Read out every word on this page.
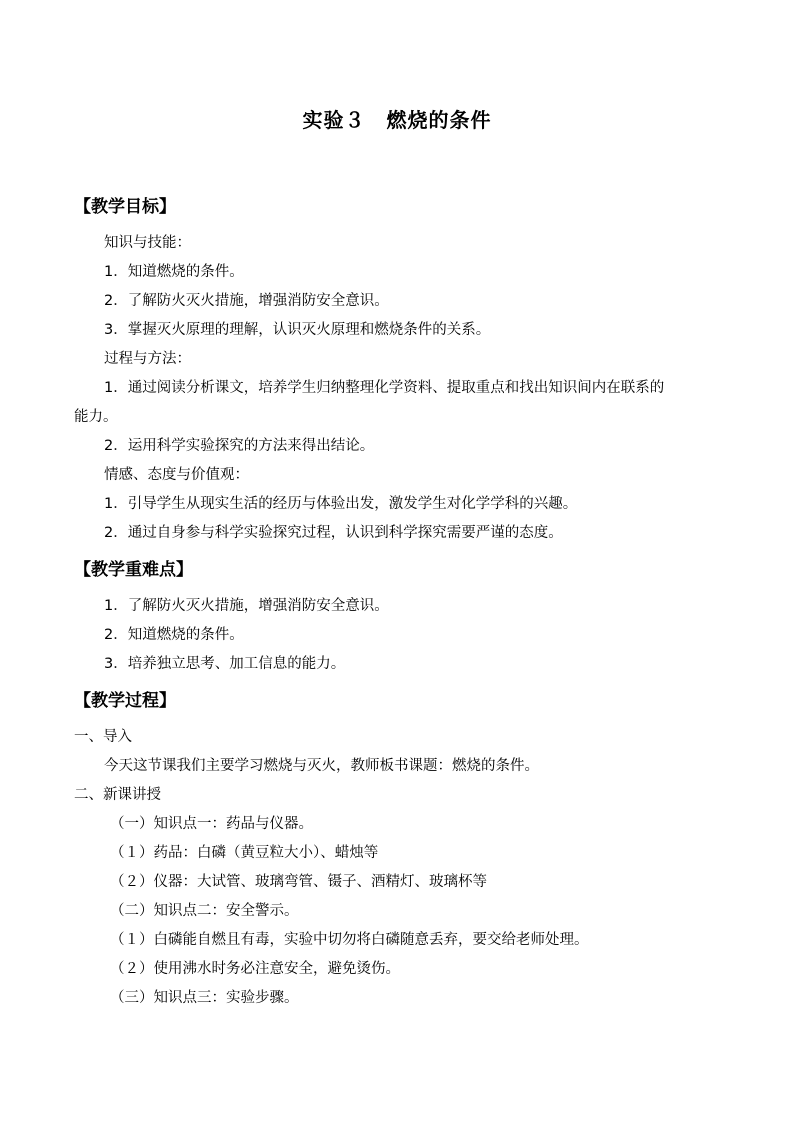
实验３　燃烧的条件
【教学目标】
知识与技能：
1．知道燃烧的条件。
2．了解防火灭火措施，增强消防安全意识。
3．掌握灭火原理的理解，认识灭火原理和燃烧条件的关系。
过程与方法：
1．通过阅读分析课文，培养学生归纳整理化学资料、提取重点和找出知识间内在联系的
能力。
2．运用科学实验探究的方法来得出结论。
情感、态度与价值观：
1．引导学生从现实生活的经历与体验出发，激发学生对化学学科的兴趣。
2．通过自身参与科学实验探究过程，认识到科学探究需要严谨的态度。
【教学重难点】
1．了解防火灭火措施，增强消防安全意识。
2．知道燃烧的条件。
3．培养独立思考、加工信息的能力。
【教学过程】
一、导入
今天这节课我们主要学习燃烧与灭火，教师板书课题：燃烧的条件。
二、新课讲授
（一）知识点一：药品与仪器。
（１）药品：白磷（黄豆粒大小）、蜡烛等
（２）仪器：大试管、玻璃弯管、镊子、酒精灯、玻璃杯等
（二）知识点二：安全警示。
（１）白磷能自燃且有毒，实验中切勿将白磷随意丢弃，要交给老师处理。
（２）使用沸水时务必注意安全，避免烫伤。
（三）知识点三：实验步骤。
